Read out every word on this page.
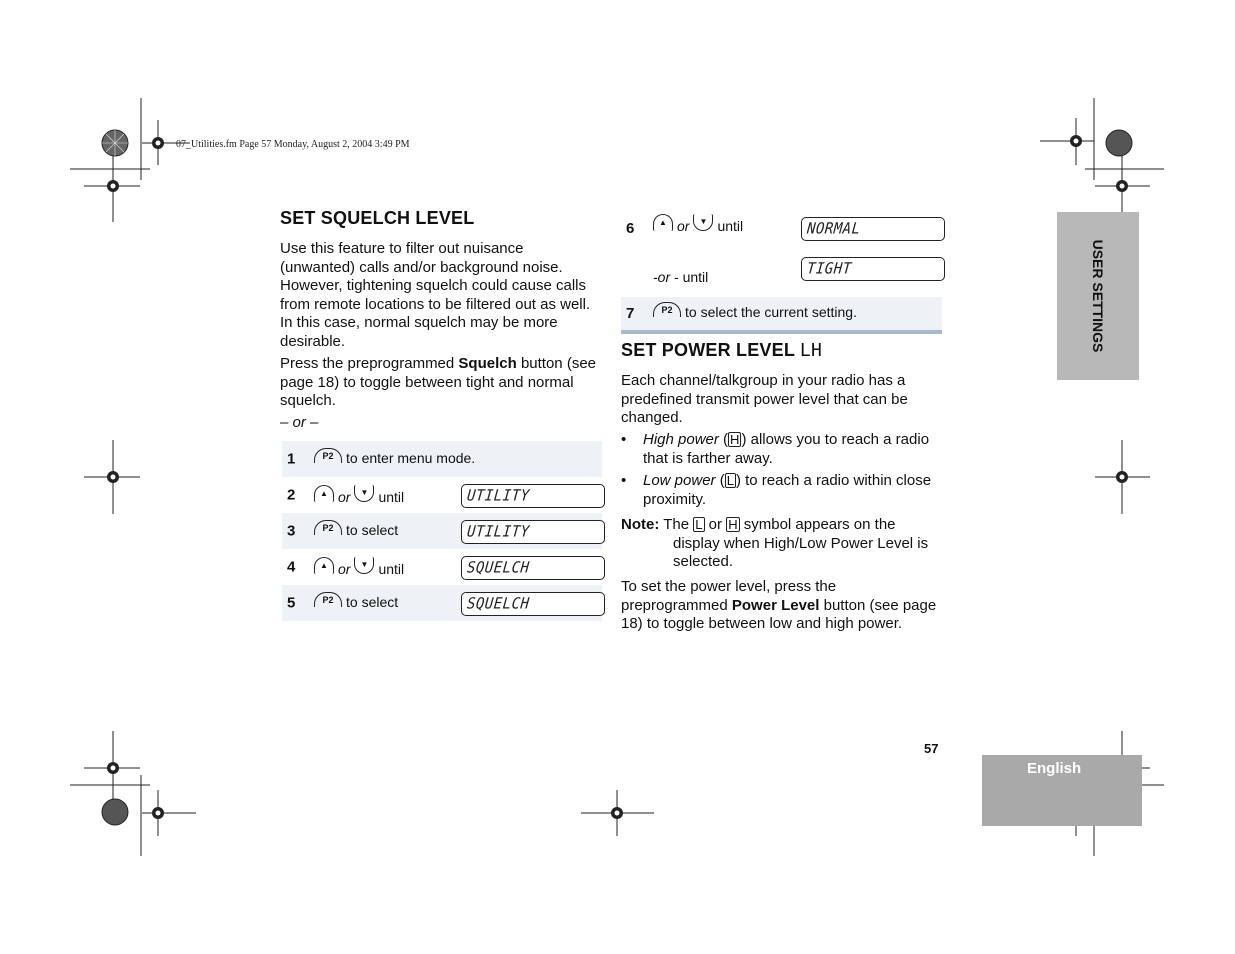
07_Utilities.fm Page 57 Monday, August 2, 2004 3:49 PM
SET SQUELCH LEVEL
Use this feature to filter out nuisance (unwanted) calls and/or background noise. However, tightening squelch could cause calls from remote locations to be filtered out as well. In this case, normal squelch may be more desirable.
Press the preprogrammed Squelch button (see page 18) to toggle between tight and normal squelch.
– or –
1	P2 to enter menu mode.
2	▲ or	▼ until	UTILITY
3	P2 to select	UTILITY
4	▲ or	▼ until	SQUELCH
5	P2 to select	SQUELCH
6	▲ or	▼ until	NORMAL
-or - until	TIGHT
7	P2 to select the current setting.
SET POWER LEVEL LH
Each channel/talkgroup in your radio has a predefined transmit power level that can be changed.
• High power ( H ) allows you to reach a radio
that is farther away.
• Low power ( L ) to reach a radio within close
proximity.
Note: The L or H symbol appears on the
display when High/Low Power Level is
selected.
To set the power level, press the preprogrammed Power Level button (see page 18) to toggle between low and high power.
USER SETTINGS
57
English
